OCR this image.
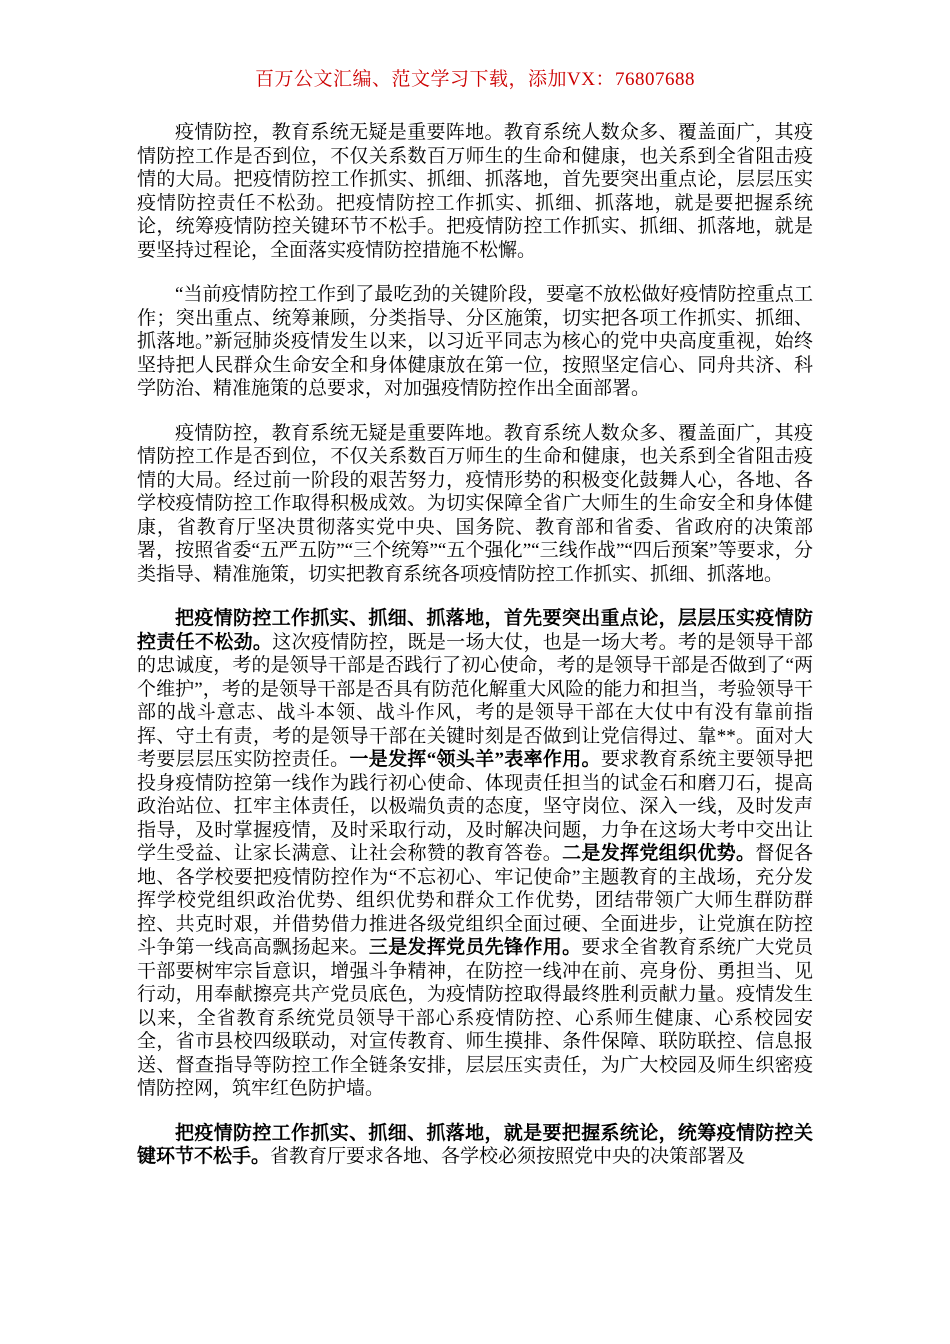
百万公文汇编、范文学习下载，添加VX：76807688

疫情防控，教育系统无疑是重要阵地。教育系统人数众多、覆盖面广，其疫情防控工作是否到位，不仅关系数百万师生的生命和健康，也关系到全省阻击疫情的大局。把疫情防控工作抓实、抓细、抓落地，首先要突出重点论，层层压实疫情防控责任不松劲。把疫情防控工作抓实、抓细、抓落地，就是要把握系统论，统筹疫情防控关键环节不松手。把疫情防控工作抓实、抓细、抓落地，就是要坚持过程论，全面落实疫情防控措施不松懈。

“当前疫情防控工作到了最吃劲的关键阶段，要毫不放松做好疫情防控重点工作；突出重点、统筹兼顾，分类指导、分区施策，切实把各项工作抓实、抓细、抓落地。”新冠肺炎疫情发生以来，以习近平同志为核心的党中央高度重视，始终坚持把人民群众生命安全和身体健康放在第一位，按照坚定信心、同舟共济、科学防治、精准施策的总要求，对加强疫情防控作出全面部署。

疫情防控，教育系统无疑是重要阵地。教育系统人数众多、覆盖面广，其疫情防控工作是否到位，不仅关系数百万师生的生命和健康，也关系到全省阻击疫情的大局。经过前一阶段的艰苦努力，疫情形势的积极变化鼓舞人心，各地、各学校疫情防控工作取得积极成效。为切实保障全省广大师生的生命安全和身体健康，省教育厅坚决贯彻落实党中央、国务院、教育部和省委、省政府的决策部署，按照省委“五严五防”“三个统筹”“五个强化”“三线作战”“四后预案”等要求，分类指导、精准施策，切实把教育系统各项疫情防控工作抓实、抓细、抓落地。

把疫情防控工作抓实、抓细、抓落地，首先要突出重点论，层层压实疫情防控责任不松劲。这次疫情防控，既是一场大仗，也是一场大考。考的是领导干部的忠诚度，考的是领导干部是否践行了初心使命，考的是领导干部是否做到了“两个维护”，考的是领导干部是否具有防范化解重大风险的能力和担当，考验领导干部的战斗意志、战斗本领、战斗作风，考的是领导干部在大仗中有没有靠前指挥、守土有责，考的是领导干部在关键时刻是否做到让党信得过、靠**。面对大考要层层压实防控责任。一是发挥“领头羊”表率作用。要求教育系统主要领导把投身疫情防控第一线作为践行初心使命、体现责任担当的试金石和磨刀石，提高政治站位、扛牢主体责任，以极端负责的态度，坚守岗位、深入一线，及时发声指导，及时掌握疫情，及时采取行动，及时解决问题，力争在这场大考中交出让学生受益、让家长满意、让社会称赞的教育答卷。二是发挥党组织优势。督促各地、各学校要把疫情防控作为“不忘初心、牢记使命”主题教育的主战场，充分发挥学校党组织政治优势、组织优势和群众工作优势，团结带领广大师生群防群控、共克时艰，并借势借力推进各级党组织全面过硬、全面进步，让党旗在防控斗争第一线高高飘扬起来。三是发挥党员先锋作用。要求全省教育系统广大党员干部要树牢宗旨意识，增强斗争精神，在防控一线冲在前、亮身份、勇担当、见行动，用奉献擦亮共产党员底色，为疫情防控取得最终胜利贡献力量。疫情发生以来，全省教育系统党员领导干部心系疫情防控、心系师生健康、心系校园安全，省市县校四级联动，对宣传教育、师生摸排、条件保障、联防联控、信息报送、督查指导等防控工作全链条安排，层层压实责任，为广大校园及师生织密疫情防控网，筑牢红色防护墙。

把疫情防控工作抓实、抓细、抓落地，就是要把握系统论，统筹疫情防控关键环节不松手。省教育厅要求各地、各学校必须按照党中央的决策部署及
